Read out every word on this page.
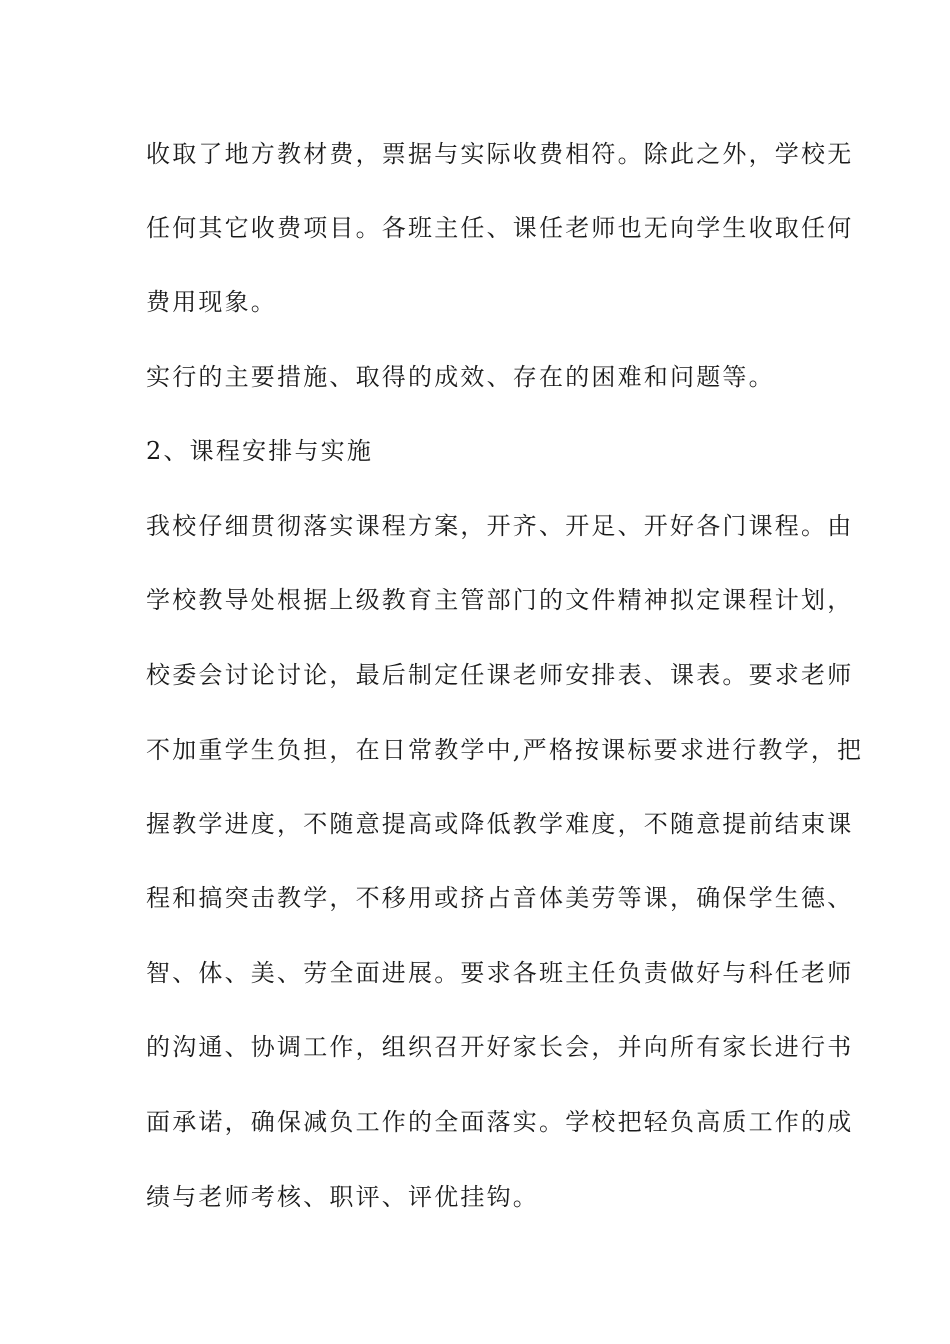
收取了地方教材费，票据与实际收费相符。除此之外，学校无
任何其它收费项目。各班主任、课任老师也无向学生收取任何
费用现象。
实行的主要措施、取得的成效、存在的困难和问题等。
2、课程安排与实施
我校仔细贯彻落实课程方案，开齐、开足、开好各门课程。由
学校教导处根据上级教育主管部门的文件精神拟定课程计划，
校委会讨论讨论，最后制定任课老师安排表、课表。要求老师
不加重学生负担，在日常教学中,严格按课标要求进行教学，把
握教学进度，不随意提高或降低教学难度，不随意提前结束课
程和搞突击教学，不移用或挤占音体美劳等课，确保学生德、
智、体、美、劳全面进展。要求各班主任负责做好与科任老师
的沟通、协调工作，组织召开好家长会，并向所有家长进行书
面承诺，确保减负工作的全面落实。学校把轻负高质工作的成
绩与老师考核、职评、评优挂钩。
